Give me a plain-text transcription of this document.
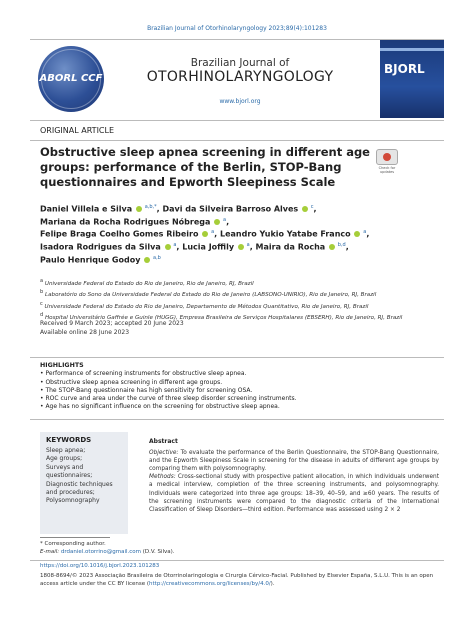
Brazilian Journal of Otorhinolaryngology 2023;89(4):101283
ABORL CCF
Brazilian Journal of
OTORHINOLARYNGOLOGY
www.bjorl.org
BJORL
ORIGINAL ARTICLE
Obstructive sleep apnea screening in different age groups: performance of the Berlin, STOP-Bang questionnaires and Epworth Sleepiness Scale
Check for updates
Daniel Villela e Silva	$^{a,b,*}$, Davi da Silveira Barroso Alves	$^c$,
Mariana da Rocha Rodrigues Nóbrega	$^a$,
Felipe Braga Coelho Gomes Ribeiro	$^a$, Leandro Yukio Yatabe Franco	$^a$,
Isadora Rodrigues da Silva	$^a$, Lucia Joffily	$^a$, Maira da Rocha	$^{b,d}$,
Paulo Henrique Godoy	$^{a,b}$
$^a$ Universidade Federal do Estado do Rio de Janeiro, Rio de Janeiro, RJ, Brazil
$^b$ Laboratório do Sono da Universidade Federal do Estado do Rio de Janeiro (LABSONO-UNIRIO), Rio de Janeiro, RJ, Brazil
$^c$ Universidade Federal do Estado do Rio de Janeiro, Departamento de Métodos Quantitativo, Rio de Janeiro, RJ, Brazil
$^d$ Hospital Universitário Gaffrée e Guinle (HUGG), Empresa Brasileira de Serviços Hospitalares (EBSERH), Rio de Janeiro, RJ, Brazil
Received 9 March 2023; accepted 20 June 2023
Available online 28 June 2023
HIGHLIGHTS
• Performance of screening instruments for obstructive sleep apnea.
• Obstructive sleep apnea screening in different age groups.
• The STOP-Bang questionnaire has high sensitivity for screening OSA.
• ROC curve and area under the curve of three sleep disorder screening instruments.
• Age has no significant influence on the screening for obstructive sleep apnea.
KEYWORDS
Sleep apnea;
Age groups;
Surveys and
questionnaires;
Diagnostic techniques
and procedures;
Polysomnography
Abstract
Objective: To evaluate the performance of the Berlin Questionnaire, the STOP-Bang Questionnaire, and the Epworth Sleepiness Scale in screening for the disease in adults of different age groups by comparing them with polysomnography.
Methods: Cross-sectional study with prospective patient allocation, in which individuals underwent a medical interview, completion of the three screening instruments, and polysomnography. Individuals were categorized into three age groups: 18–39, 40–59, and ≥60 years. The results of the screening instruments were compared to the diagnostic criteria of the International Classification of Sleep Disorders—third edition. Performance was assessed using 2 × 2
* Corresponding author.
E-mail: drdaniel.otorrino@gmail.com (D.V. Silva).
https://doi.org/10.1016/j.bjorl.2023.101283
1808-8694/© 2023 Associação Brasileira de Otorrinolaringologia e Cirurgia Cérvico-Facial. Published by Elsevier España, S.L.U. This is an open access article under the CC BY license (http://creativecommons.org/licenses/by/4.0/).
